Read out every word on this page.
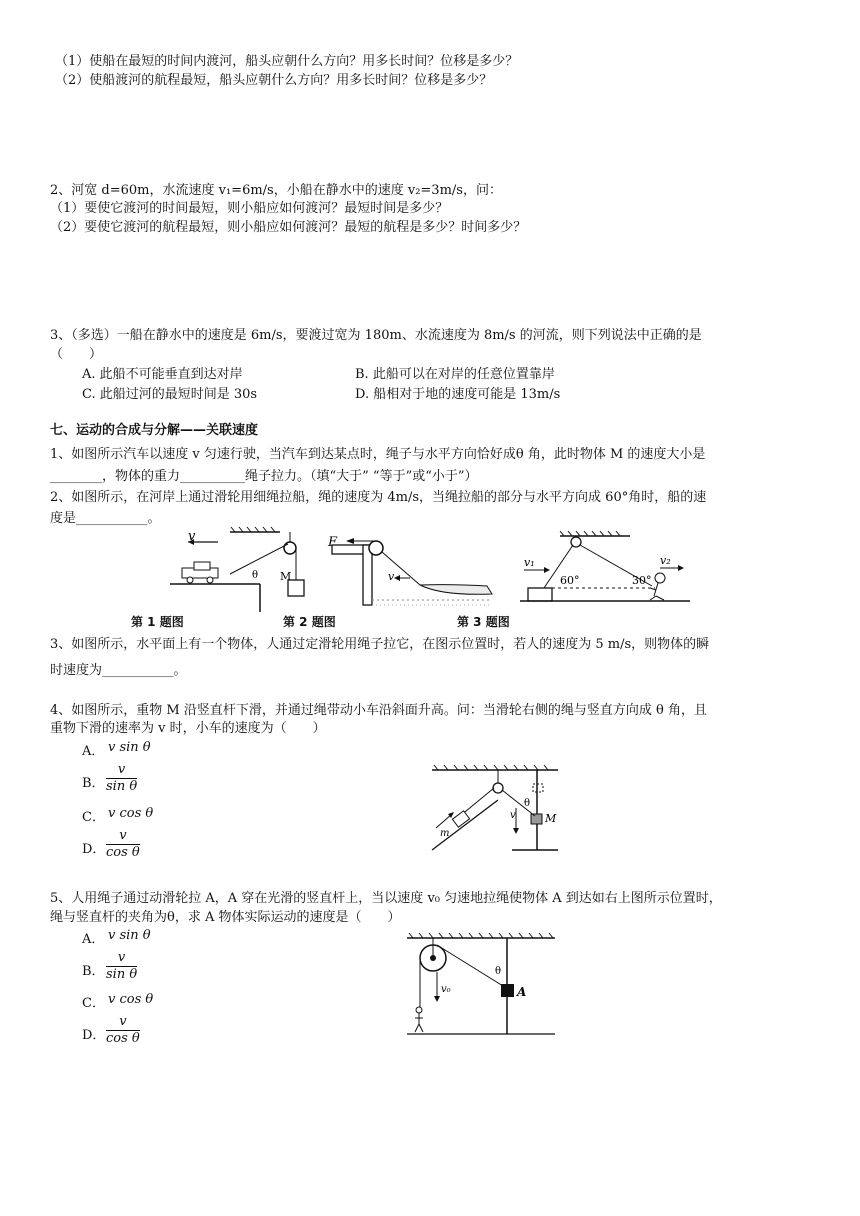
（1）使船在最短的时间内渡河，船头应朝什么方向？用多长时间？位移是多少？
（2）使船渡河的航程最短，船头应朝什么方向？用多长时间？位移是多少？
2、河宽 d=60m，水流速度 v₁=6m/s，小船在静水中的速度 v₂=3m/s，问：
（1）要使它渡河的时间最短，则小船应如何渡河？最短时间是多少？
（2）要使它渡河的航程最短，则小船应如何渡河？最短的航程是多少？时间多少？
3、（多选）一船在静水中的速度是 6m/s，要渡过宽为 180m、水流速度为 8m/s 的河流，则下列说法中正确的是
（　　）
A. 此船不可能垂直到达对岸	B. 此船可以在对岸的任意位置靠岸
C. 此船过河的最短时间是 30s	D. 船相对于地的速度可能是 13m/s
七、运动的合成与分解——关联速度
1、如图所示汽车以速度 v 匀速行驶，当汽车到达某点时，绳子与水平方向恰好成θ 角，此时物体 M 的速度大小是
________，物体的重力__________绳子拉力。（填“大于” “等于”或“小于”）
2、如图所示，在河岸上通过滑轮用细绳拉船，绳的速度为 4m/s，当绳拉船的部分与水平方向成 60°角时，船的速
度是___________。
v
θ M
第 1 题图
F
v
第 2 题图
v₁	v₂
60°	30°
第 3 题图
3、如图所示，水平面上有一个物体，人通过定滑轮用绳子拉它，在图示位置时，若人的速度为 5 m/s，则物体的瞬
时速度为___________。
4、如图所示，重物 M 沿竖直杆下滑，并通过绳带动小车沿斜面升高。问：当滑轮右侧的绳与竖直方向成 θ 角，且
重物下滑的速率为 v 时，小车的速度为（　　）
A． v sin θ
B． $\frac{v}{\text{sin θ}}$
C． v cos θ
D． $\frac{v}{\text{cos θ}}$	m
v
θ
M
5、人用绳子通过动滑轮拉 A，A 穿在光滑的竖直杆上，当以速度 v₀ 匀速地拉绳使物体 A 到达如右上图所示位置时，
绳与竖直杆的夹角为θ，求 A 物体实际运动的速度是（　　）
A． v sin θ
B． $\frac{v}{\text{sin θ}}$
C． v cos θ
D． $\frac{v}{\text{cos θ}}$
θ
A
v₀
